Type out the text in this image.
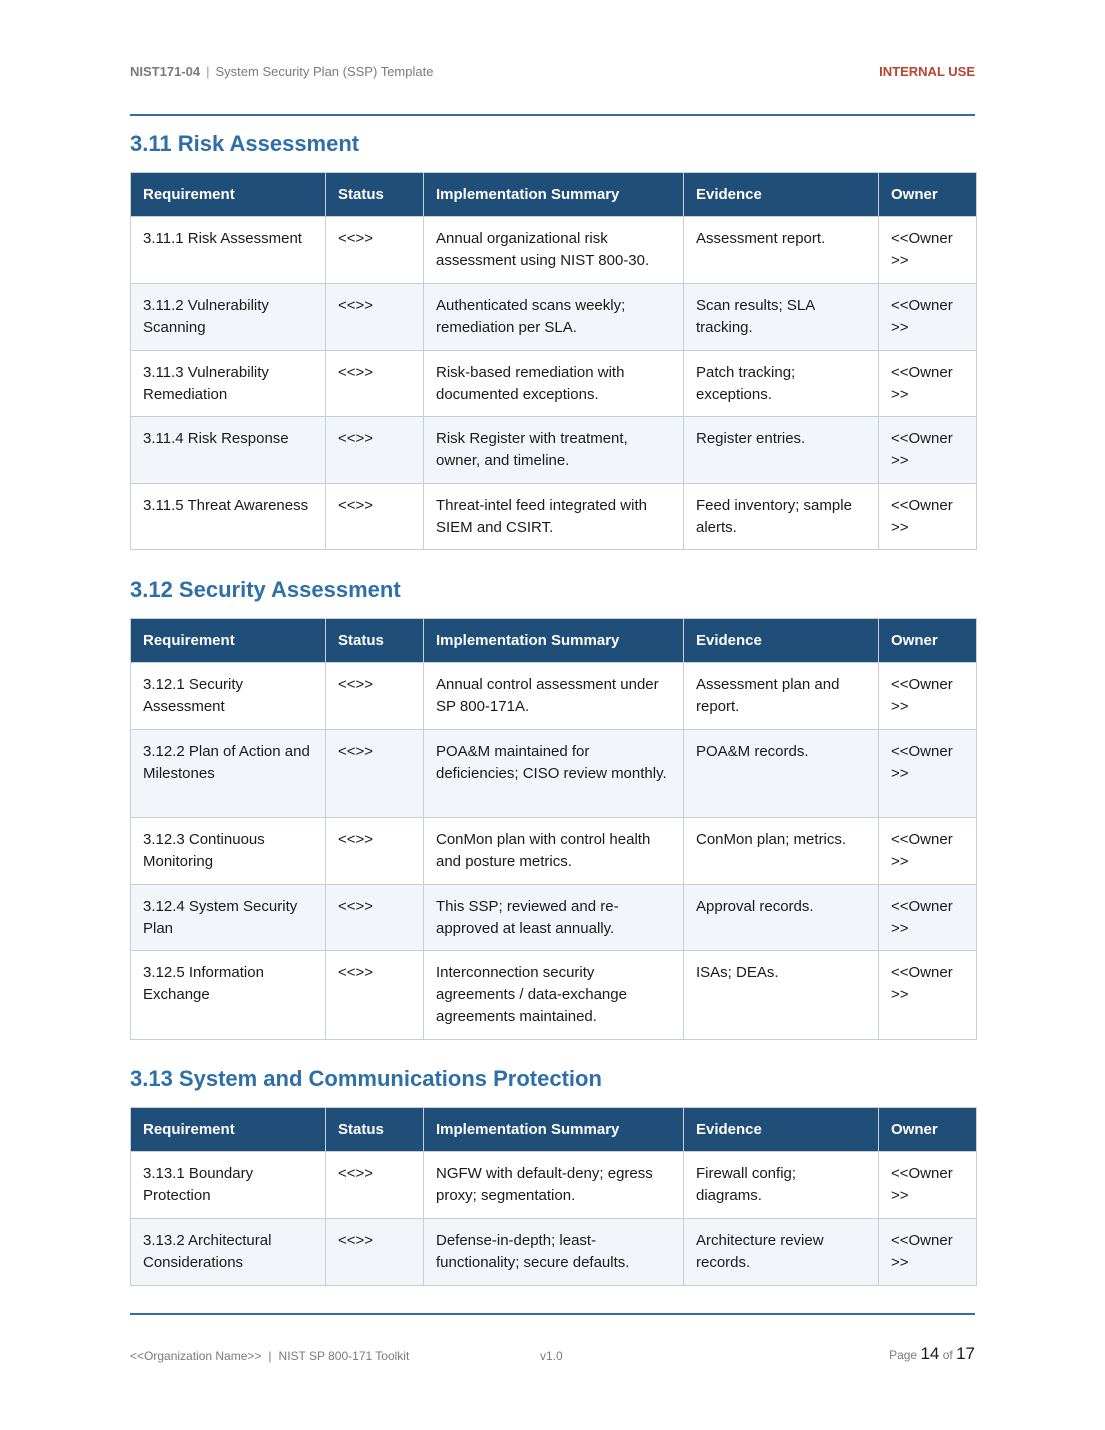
NIST171-04 | System Security Plan (SSP) Template	INTERNAL USE
3.11 Risk Assessment
Requirement	Status	Implementation Summary	Evidence	Owner
3.11.1 Risk Assessment	<<>>	Annual organizational risk assessment using NIST 800-30.	Assessment report.	<<Owner >>
3.11.2 Vulnerability Scanning	<<>>	Authenticated scans weekly; remediation per SLA.	Scan results; SLA tracking.	<<Owner >>
3.11.3 Vulnerability Remediation	<<>>	Risk-based remediation with documented exceptions.	Patch tracking; exceptions.	<<Owner >>
3.11.4 Risk Response	<<>>	Risk Register with treatment, owner, and timeline.	Register entries.	<<Owner >>
3.11.5 Threat Awareness	<<>>	Threat-intel feed integrated with SIEM and CSIRT.	Feed inventory; sample alerts.	<<Owner >>
3.12 Security Assessment
Requirement	Status	Implementation Summary	Evidence	Owner
3.12.1 Security Assessment	<<>>	Annual control assessment under SP 800-171A.	Assessment plan and report.	<<Owner >>
3.12.2 Plan of Action and Milestones	<<>>	POA&M maintained for deficiencies; CISO review monthly.	POA&M records.	<<Owner >>
3.12.3 Continuous Monitoring	<<>>	ConMon plan with control health and posture metrics.	ConMon plan; metrics.	<<Owner >>
3.12.4 System Security Plan	<<>>	This SSP; reviewed and re-approved at least annually.	Approval records.	<<Owner >>
3.12.5 Information Exchange	<<>>	Interconnection security agreements / data-exchange agreements maintained.	ISAs; DEAs.	<<Owner >>
3.13 System and Communications Protection
Requirement	Status	Implementation Summary	Evidence	Owner
3.13.1 Boundary Protection	<<>>	NGFW with default-deny; egress proxy; segmentation.	Firewall config; diagrams.	<<Owner >>
3.13.2 Architectural Considerations	<<>>	Defense-in-depth; least-functionality; secure defaults.	Architecture review records.	<<Owner >>
<<Organization Name>> | NIST SP 800-171 Toolkit	v1.0	Page 14 of 17
